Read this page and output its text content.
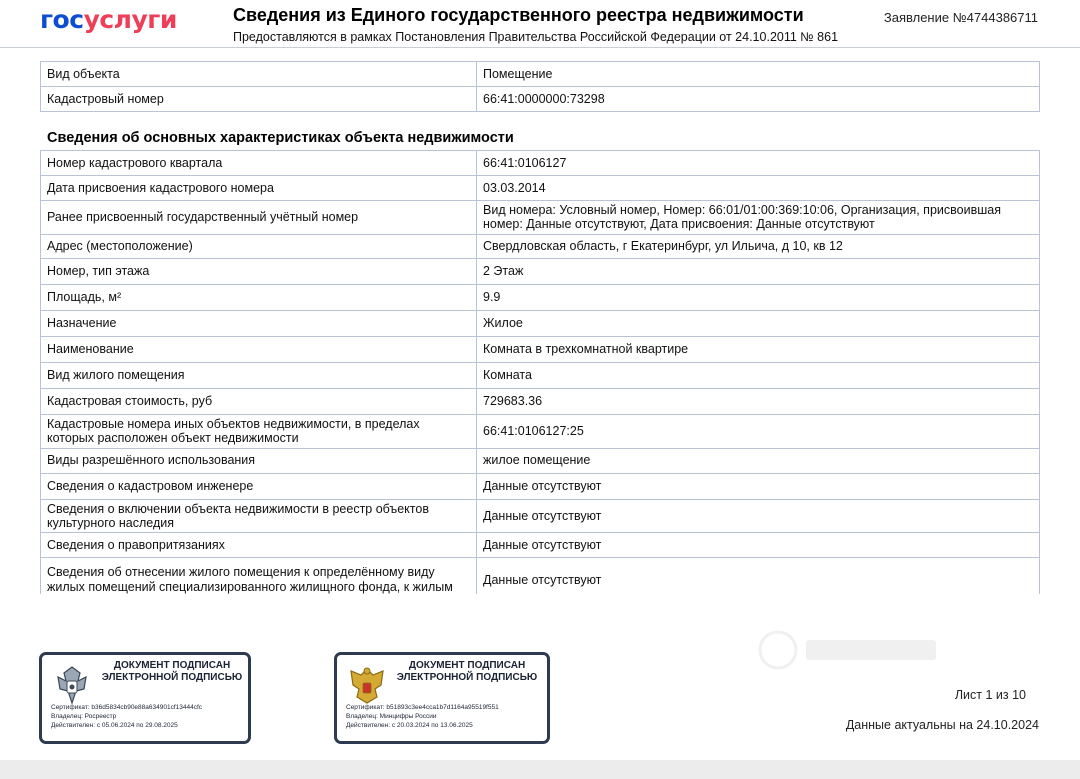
госуслуги	Сведения из Единого государственного реестра недвижимости
Предоставляются в рамках Постановления Правительства Российской Федерации от 24.10.2011 № 861
Заявление №4744386711
Вид объекта	Помещение
Кадастровый номер	66:41:0000000:73298
Сведения об основных характеристиках объекта недвижимости
Номер кадастрового квартала	66:41:0106127
Дата присвоения кадастрового номера	03.03.2014
Ранее присвоенный государственный учётный номер	Вид номера: Условный номер, Номер: 66:01/01:00:369:10:06, Организация, присвоившая номер: Данные отсутствуют, Дата присвоения: Данные отсутствуют
Адрес (местоположение)	Свердловская область, г Екатеринбург, ул Ильича, д 10, кв 12
Номер, тип этажа	2 Этаж
Площадь, м²	9.9
Назначение	Жилое
Наименование	Комната в трехкомнатной квартире
Вид жилого помещения	Комната
Кадастровая стоимость, руб	729683.36
Кадастровые номера иных объектов недвижимости, в пределах которых расположен объект недвижимости	66:41:0106127:25
Виды разрешённого использования	жилое помещение
Сведения о кадастровом инженере	Данные отсутствуют
Сведения о включении объекта недвижимости в реестр объектов культурного наследия	Данные отсутствуют
Сведения о правопритязаниях	Данные отсутствуют
Сведения об отнесении жилого помещения к определённому виду жилых помещений специализированного жилищного фонда, к жилым	Данные отсутствуют
ДОКУМЕНТ ПОДПИСАН ЭЛЕКТРОННОЙ ПОДПИСЬЮ
Сертификат: b36d5834cb90e88a634901cf13444cfc
Владелец: Росреестр
Действителен: с 05.06.2024 по 29.08.2025
ДОКУМЕНТ ПОДПИСАН ЭЛЕКТРОННОЙ ПОДПИСЬЮ
Сертификат: b51893c3ee4cca1b7d1164a95519f551
Владелец: Минцифры России
Действителен: с 20.03.2024 по 13.06.2025
Лист 1 из 10
Данные актуальны на 24.10.2024
